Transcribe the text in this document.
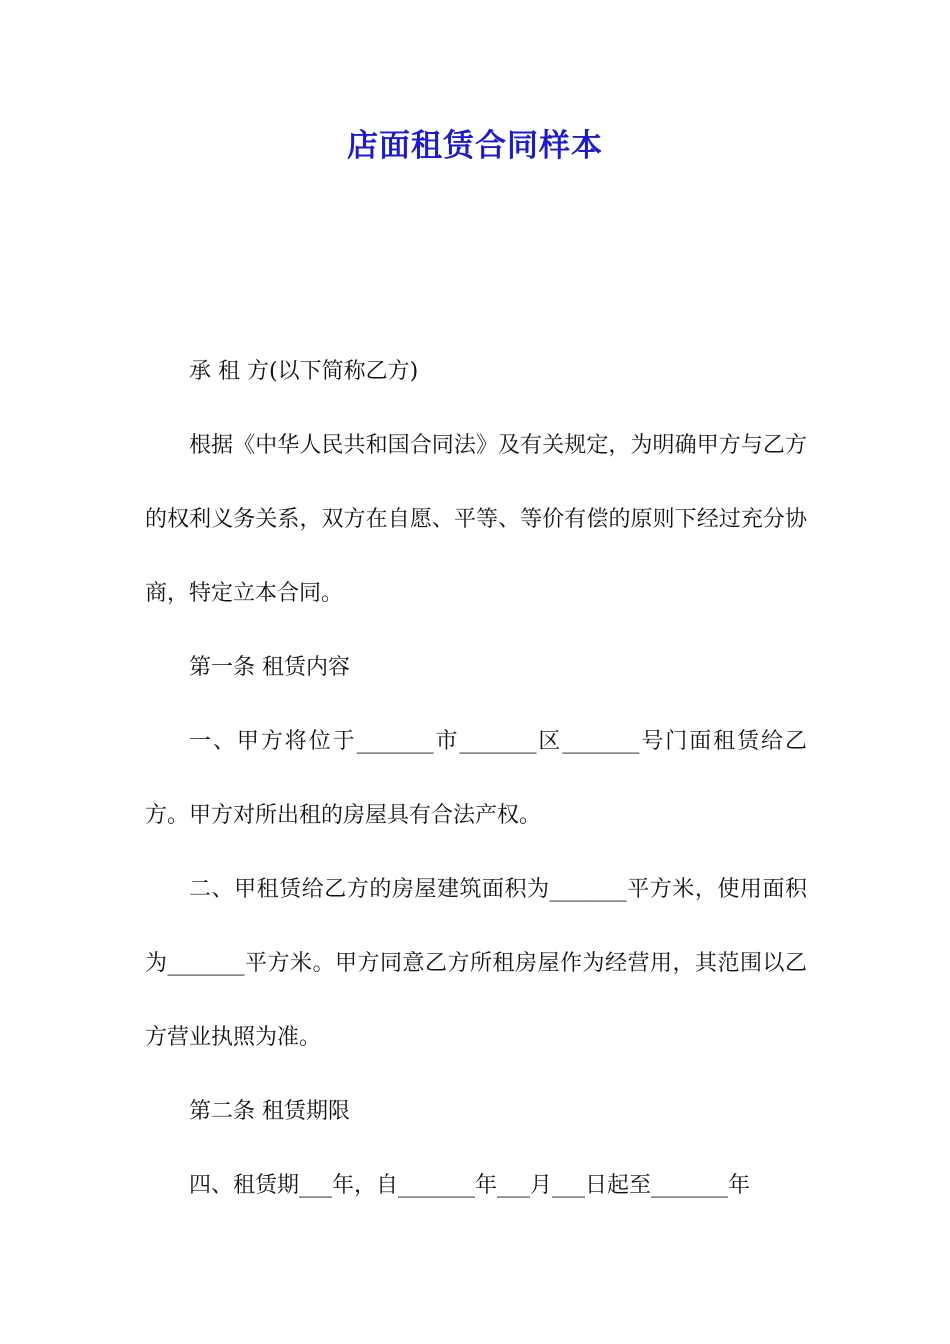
店面租赁合同样本

承 租 方(以下简称乙方)

根据《中华人民共和国合同法》及有关规定，为明确甲方与乙方的权利义务关系，双方在自愿、平等、等价有偿的原则下经过充分协商，特定立本合同。

第一条 租赁内容

一、甲方将位于_______市_______区_______号门面租赁给乙方。甲方对所出租的房屋具有合法产权。

二、甲租赁给乙方的房屋建筑面积为_______平方米，使用面积为_______平方米。甲方同意乙方所租房屋作为经营用，其范围以乙方营业执照为准。

第二条 租赁期限

四、租赁期___年，自_______年___月___日起至_______年
